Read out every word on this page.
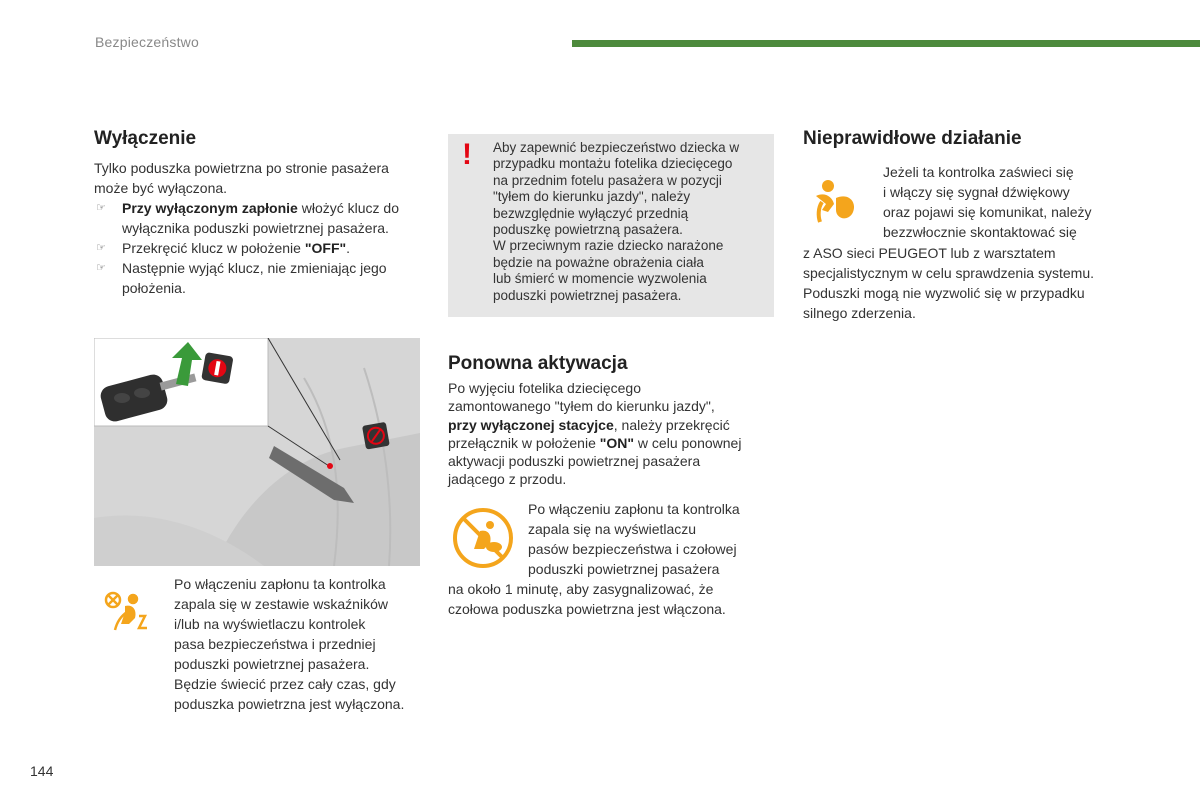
Bezpieczeństwo
Wyłączenie

Tylko poduszka powietrzna po stronie pasażera może być wyłączona.

☞ Przy wyłączonym zapłonie włożyć klucz do wyłącznika poduszki powietrznej pasażera.
☞ Przekręcić klucz w położenie "OFF".
☞ Następnie wyjąć klucz, nie zmieniając jego położenia.

Po włączeniu zapłonu ta kontrolka

zapala się w zestawie wskaźników

i/lub na wyświetlaczu kontrolek

pasa bezpieczeństwa i przedniej

poduszki powietrznej pasażera.

Będzie świecić przez cały czas, gdy

poduszka powietrzna jest wyłączona.

! Aby zapewnić bezpieczeństwo dziecka w
przypadku montażu fotelika dziecięcego
na przednim fotelu pasażera w pozycji
"tyłem do kierunku jazdy", należy
bezwzględnie wyłączyć przednią
poduszkę powietrzną pasażera.
W przeciwnym razie dziecko narażone
będzie na poważne obrażenia ciała
lub śmierć w momencie wyzwolenia
poduszki powietrznej pasażera.
Ponowna aktywacja

Po wyjęciu fotelika dziecięcego

zamontowanego "tyłem do kierunku jazdy",

przy wyłączonej stacyjce, należy przekręcić

przełącznik w położenie "ON" w celu ponownej

aktywacji poduszki powietrznej pasażera

jadącego z przodu.

Po włączeniu zapłonu ta kontrolka

zapala się na wyświetlaczu

pasów bezpieczeństwa i czołowej

poduszki powietrznej pasażera

na około 1 minutę, aby zasygnalizować, że

czołowa poduszka powietrzna jest włączona.

Nieprawidłowe działanie

Jeżeli ta kontrolka zaświeci się

i włączy się sygnał dźwiękowy

oraz pojawi się komunikat, należy

bezzwłocznie skontaktować się

z ASO sieci PEUGEOT lub z warsztatem

specjalistycznym w celu sprawdzenia systemu.

Poduszki mogą nie wyzwolić się w przypadku

silnego zderzenia.

144
